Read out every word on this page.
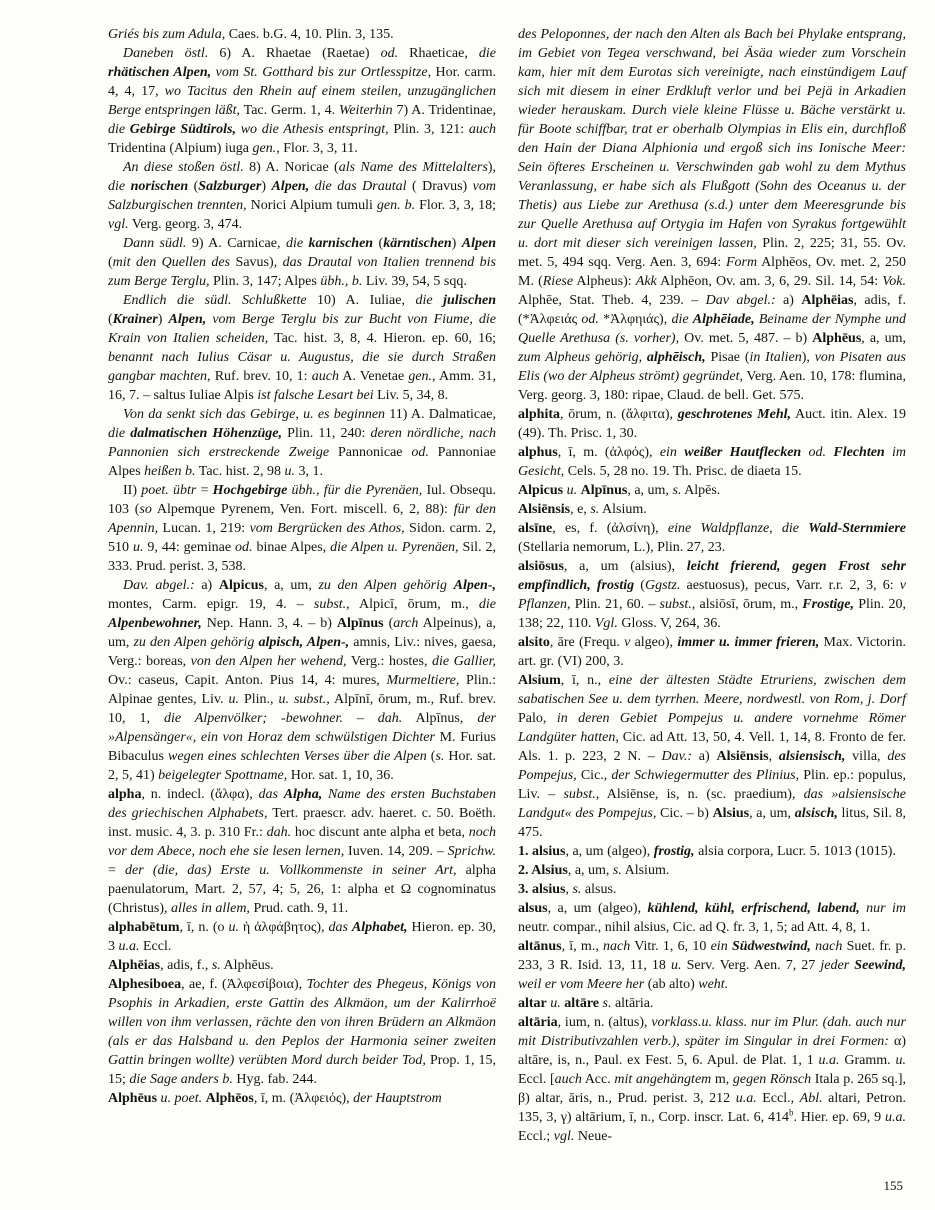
Griés bis zum Adula, Caes. b.G. 4, 10. Plin. 3, 135.

Daneben östl. 6) A. Rhaetae (Raetae) od. Rhaeticae, die rhätischen Alpen, vom St. Gotthard bis zur Ortlesspitze, Hor. carm. 4, 4, 17, wo Tacitus den Rhein auf einem steilen, unzugänglichen Berge entspringen läßt, Tac. Germ. 1, 4. Weiterhin 7) A. Tridentinae, die Gebirge Südtirols, wo die Athesis entspringt, Plin. 3, 121: auch Tridentina (Alpium) iuga gen., Flor. 3, 3, 11.

An diese stoßen östl. 8) A. Noricae (als Name des Mittelalters), die norischen (Salzburger) Alpen, die das Drautal ( Dravus) vom Salzburgischen trennten, Norici Alpium tumuli gen. b. Flor. 3, 3, 18; vgl. Verg. georg. 3, 474.

Dann südl. 9) A. Carnicae, die karnischen (kärntischen) Alpen (mit den Quellen des Savus), das Drautal von Italien trennend bis zum Berge Terglu, Plin. 3, 147; Alpes übh., b. Liv. 39, 54, 5 sqq.

Endlich die südl. Schlußkette 10) A. Iuliae, die julischen (Krainer) Alpen, vom Berge Terglu bis zur Bucht von Fiume, die Krain von Italien scheiden, Tac. hist. 3, 8, 4. Hieron. ep. 60, 16; benannt nach Iulius Cäsar u. Augustus, die sie durch Straßen gangbar machten, Ruf. brev. 10, 1: auch A. Venetae gen., Amm. 31, 16, 7. – saltus Iuliae Alpis ist falsche Lesart bei Liv. 5, 34, 8.

Von da senkt sich das Gebirge, u. es beginnen 11) A. Dalmaticae, die dalmatischen Höhenzüge, Plin. 11, 240: deren nördliche, nach Pannonien sich erstreckende Zweige Pannonicae od. Pannoniae Alpes heißen b. Tac. hist. 2, 98 u. 3, 1.

II) poet. übtr = Hochgebirge übh., für die Pyrenäen, Iul. Obsequ. 103 (so Alpemque Pyrenem, Ven. Fort. miscell. 6, 2, 88): für den Apennin, Lucan. 1, 219: vom Bergrücken des Athos, Sidon. carm. 2, 510 u. 9, 44: geminae od. binae Alpes, die Alpen u. Pyrenäen, Sil. 2, 333. Prud. perist. 3, 538.

Dav. abgel.: a) Alpicus, a, um, zu den Alpen gehörig Alpen-, montes, Carm. epigr. 19, 4. – subst., Alpicī, ōrum, m., die Alpenbewohner, Nep. Hann. 3, 4. – b) Alpīnus (arch Alpeinus), a, um, zu den Alpen gehörig alpisch, Alpen-, amnis, Liv.: nives, gaesa, Verg.: boreas, von den Alpen her wehend, Verg.: hostes, die Gallier, Ov.: caseus, Capit. Anton. Pius 14, 4: mures, Murmeltiere, Plin.: Alpinae gentes, Liv. u. Plin., u. subst., Alpīnī, ōrum, m., Ruf. brev. 10, 1, die Alpenvölker; -bewohner. – dah. Alpīnus, der »Alpensänger«, ein von Horaz dem schwülstigen Dichter M. Furius Bibaculus wegen eines schlechten Verses über die Alpen (s. Hor. sat. 2, 5, 41) beigelegter Spottname, Hor. sat. 1, 10, 36.

alpha, n. indecl. (ἄλφα), das Alpha, Name des ersten Buchstaben des griechischen Alphabets, Tert. praescr. adv. haeret. c. 50. Boëth. inst. music. 4, 3. p. 310 Fr.: dah. hoc discunt ante alpha et beta, noch vor dem Abece, noch ehe sie lesen lernen, Iuven. 14, 209. – Sprichw. = der (die, das) Erste u. Vollkommenste in seiner Art, alpha paenulatorum, Mart. 2, 57, 4; 5, 26, 1: alpha et Ω cognominatus (Christus), alles in allem, Prud. cath. 9, 11.

alphabētum, ī, n. (ο u. ἡ ἀλφάβητος), das Alphabet, Hieron. ep. 30, 3 u.a. Eccl.

Alphēias, adis, f., s. Alphēus.

Alphesiboea, ae, f. (Ἀλφεσίβοια), Tochter des Phegeus, Königs von Psophis in Arkadien, erste Gattin des Alkmäon, um der Kalirrhoë willen von ihm verlassen, rächte den von ihren Brüdern an Alkmäon (als er das Halsband u. den Peplos der Harmonia seiner zweiten Gattin bringen wollte) verübten Mord durch beider Tod, Prop. 1, 15, 15; die Sage anders b. Hyg. fab. 244.

Alphēus u. poet. Alphēos, ī, m. (Ἀλφειός), der Hauptstrom

des Peloponnes, der nach den Alten als Bach bei Phylake entsprang, im Gebiet von Tegea verschwand, bei Äsäa wieder zum Vorschein kam, hier mit dem Eurotas sich vereinigte, nach einstündigem Lauf sich mit diesem in einer Erdkluft verlor und bei Pejä in Arkadien wieder herauskam. Durch viele kleine Flüsse u. Bäche verstärkt u. für Boote schiffbar, trat er oberhalb Olympias in Elis ein, durchfloß den Hain der Diana Alphionia und ergoß sich ins Ionische Meer: Sein öfteres Erscheinen u. Verschwinden gab wohl zu dem Mythus Veranlassung, er habe sich als Flußgott (Sohn des Oceanus u. der Thetis) aus Liebe zur Arethusa (s.d.) unter dem Meeresgrunde bis zur Quelle Arethusa auf Ortygia im Hafen von Syrakus fortgewühlt u. dort mit dieser sich vereinigen lassen, Plin. 2, 225; 31, 55. Ov. met. 5, 494 sqq. Verg. Aen. 3, 694: Form Alphēos, Ov. met. 2, 250 M. (Riese Alpheus): Akk Alphēon, Ov. am. 3, 6, 29. Sil. 14, 54: Vok. Alphēe, Stat. Theb. 4, 239. – Dav abgel.: a) Alphēias, adis, f. (*Ἀλφειάς od. *Ἀλφηιάς), die Alphēiade, Beiname der Nymphe und Quelle Arethusa (s. vorher), Ov. met. 5, 487. – b) Alphēus, a, um, zum Alpheus gehörig, alphēisch, Pisae (in Italien), von Pisaten aus Elis (wo der Alpheus strömt) gegründet, Verg. Aen. 10, 178: flumina, Verg. georg. 3, 180: ripae, Claud. de bell. Get. 575.

alphita, ōrum, n. (ἄλφιτα), geschrotenes Mehl, Auct. itin. Alex. 19 (49). Th. Prisc. 1, 30.

alphus, ī, m. (ἀλφός), ein weißer Hautflecken od. Flechten im Gesicht, Cels. 5, 28 no. 19. Th. Prisc. de diaeta 15.

Alpicus u. Alpīnus, a, um, s. Alpēs.

Alsiēnsis, e, s. Alsium.

alsīne, es, f. (ἀλσίνη), eine Waldpflanze, die Wald-Sternmiere (Stellaria nemorum, L.), Plin. 27, 23.

alsiōsus, a, um (alsius), leicht frierend, gegen Frost sehr empfindlich, frostig (Ggstz. aestuosus), pecus, Varr. r.r. 2, 3, 6: v Pflanzen, Plin. 21, 60. – subst., alsiōsī, ōrum, m., Frostige, Plin. 20, 138; 22, 110. Vgl. Gloss. V, 264, 36.

alsito, āre (Frequ. v algeo), immer u. immer frieren, Max. Victorin. art. gr. (VI) 200, 3.

Alsium, ī, n., eine der ältesten Städte Etruriens, zwischen dem sabatischen See u. dem tyrrhen. Meere, nordwestl. von Rom, j. Dorf Palo, in deren Gebiet Pompejus u. andere vornehme Römer Landgüter hatten, Cic. ad Att. 13, 50, 4. Vell. 1, 14, 8. Fronto de fer. Als. 1. p. 223, 2 N. – Dav.: a) Alsiēnsis, alsiensisch, villa, des Pompejus, Cic., der Schwiegermutter des Plinius, Plin. ep.: populus, Liv. – subst., Alsiēnse, is, n. (sc. praedium), das »alsiensische Landgut« des Pompejus, Cic. – b) Alsius, a, um, alsisch, litus, Sil. 8, 475.

1. alsius, a, um (algeo), frostig, alsia corpora, Lucr. 5. 1013 (1015).

2. Alsius, a, um, s. Alsium.

3. alsius, s. alsus.

alsus, a, um (algeo), kühlend, kühl, erfrischend, labend, nur im neutr. compar., nihil alsius, Cic. ad Q. fr. 3, 1, 5; ad Att. 4, 8, 1.

altānus, ī, m., nach Vitr. 1, 6, 10 ein Südwestwind, nach Suet. fr. p. 233, 3 R. Isid. 13, 11, 18 u. Serv. Verg. Aen. 7, 27 jeder Seewind, weil er vom Meere her (ab alto) weht.

altar u. altāre s. altāria.

altāria, ium, n. (altus), vorklass.u. klass. nur im Plur. (dah. auch nur mit Distributivzahlen verb.), später im Singular in drei Formen: α) altāre, is, n., Paul. ex Fest. 5, 6. Apul. de Plat. 1, 1 u.a. Gramm. u. Eccl. [auch Acc. mit angehängtem m, gegen Rönsch Itala p. 265 sq.], β) altar, āris, n., Prud. perist. 3, 212 u.a. Eccl., Abl. altari, Petron. 135, 3, γ) altārium, ī, n., Corp. inscr. Lat. 6, 414$^b$. Hier. ep. 69, 9 u.a. Eccl.; vgl. Neue-

155
